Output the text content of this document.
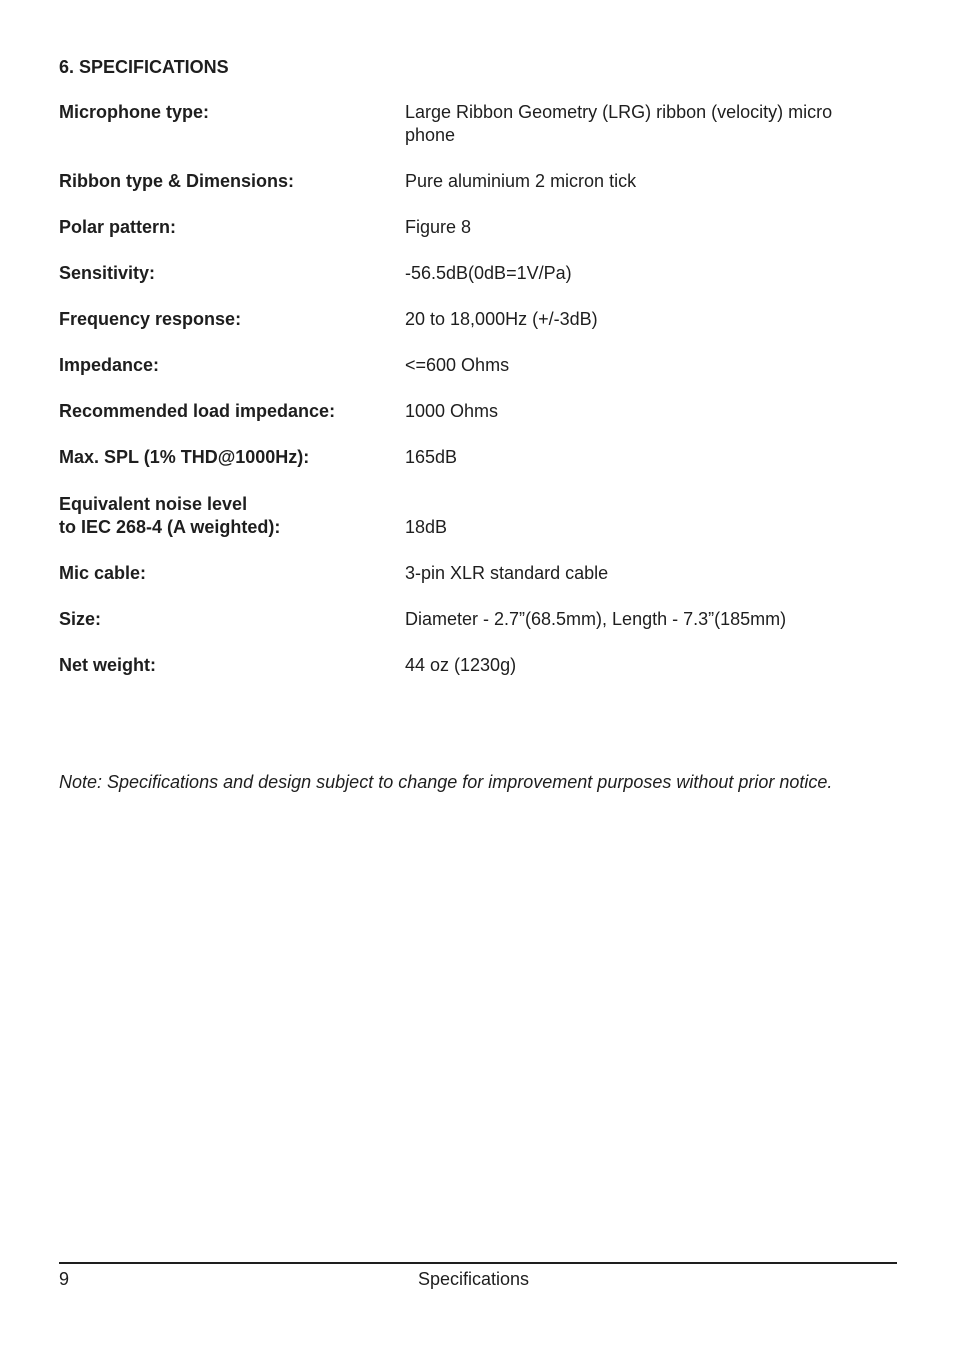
6. SPECIFICATIONS
Microphone type:	Large Ribbon Geometry (LRG) ribbon (velocity) micro
phone
Ribbon type & Dimensions:	Pure aluminium 2 micron tick
Polar pattern:	Figure 8
Sensitivity:	-56.5dB(0dB=1V/Pa)
Frequency response:	20 to 18,000Hz (+/-3dB)
Impedance:	<=600 Ohms
Recommended load impedance:	1000 Ohms
Max. SPL (1% THD@1000Hz):	165dB
Equivalent noise level
to IEC 268-4 (A weighted):	
18dB
Mic cable:	3-pin XLR standard cable
Size:	Diameter - 2.7”(68.5mm), Length - 7.3”(185mm)
Net weight:	44 oz (1230g)

Note: Specifications and design subject to change for improvement purposes without prior notice.

9	Specifications
